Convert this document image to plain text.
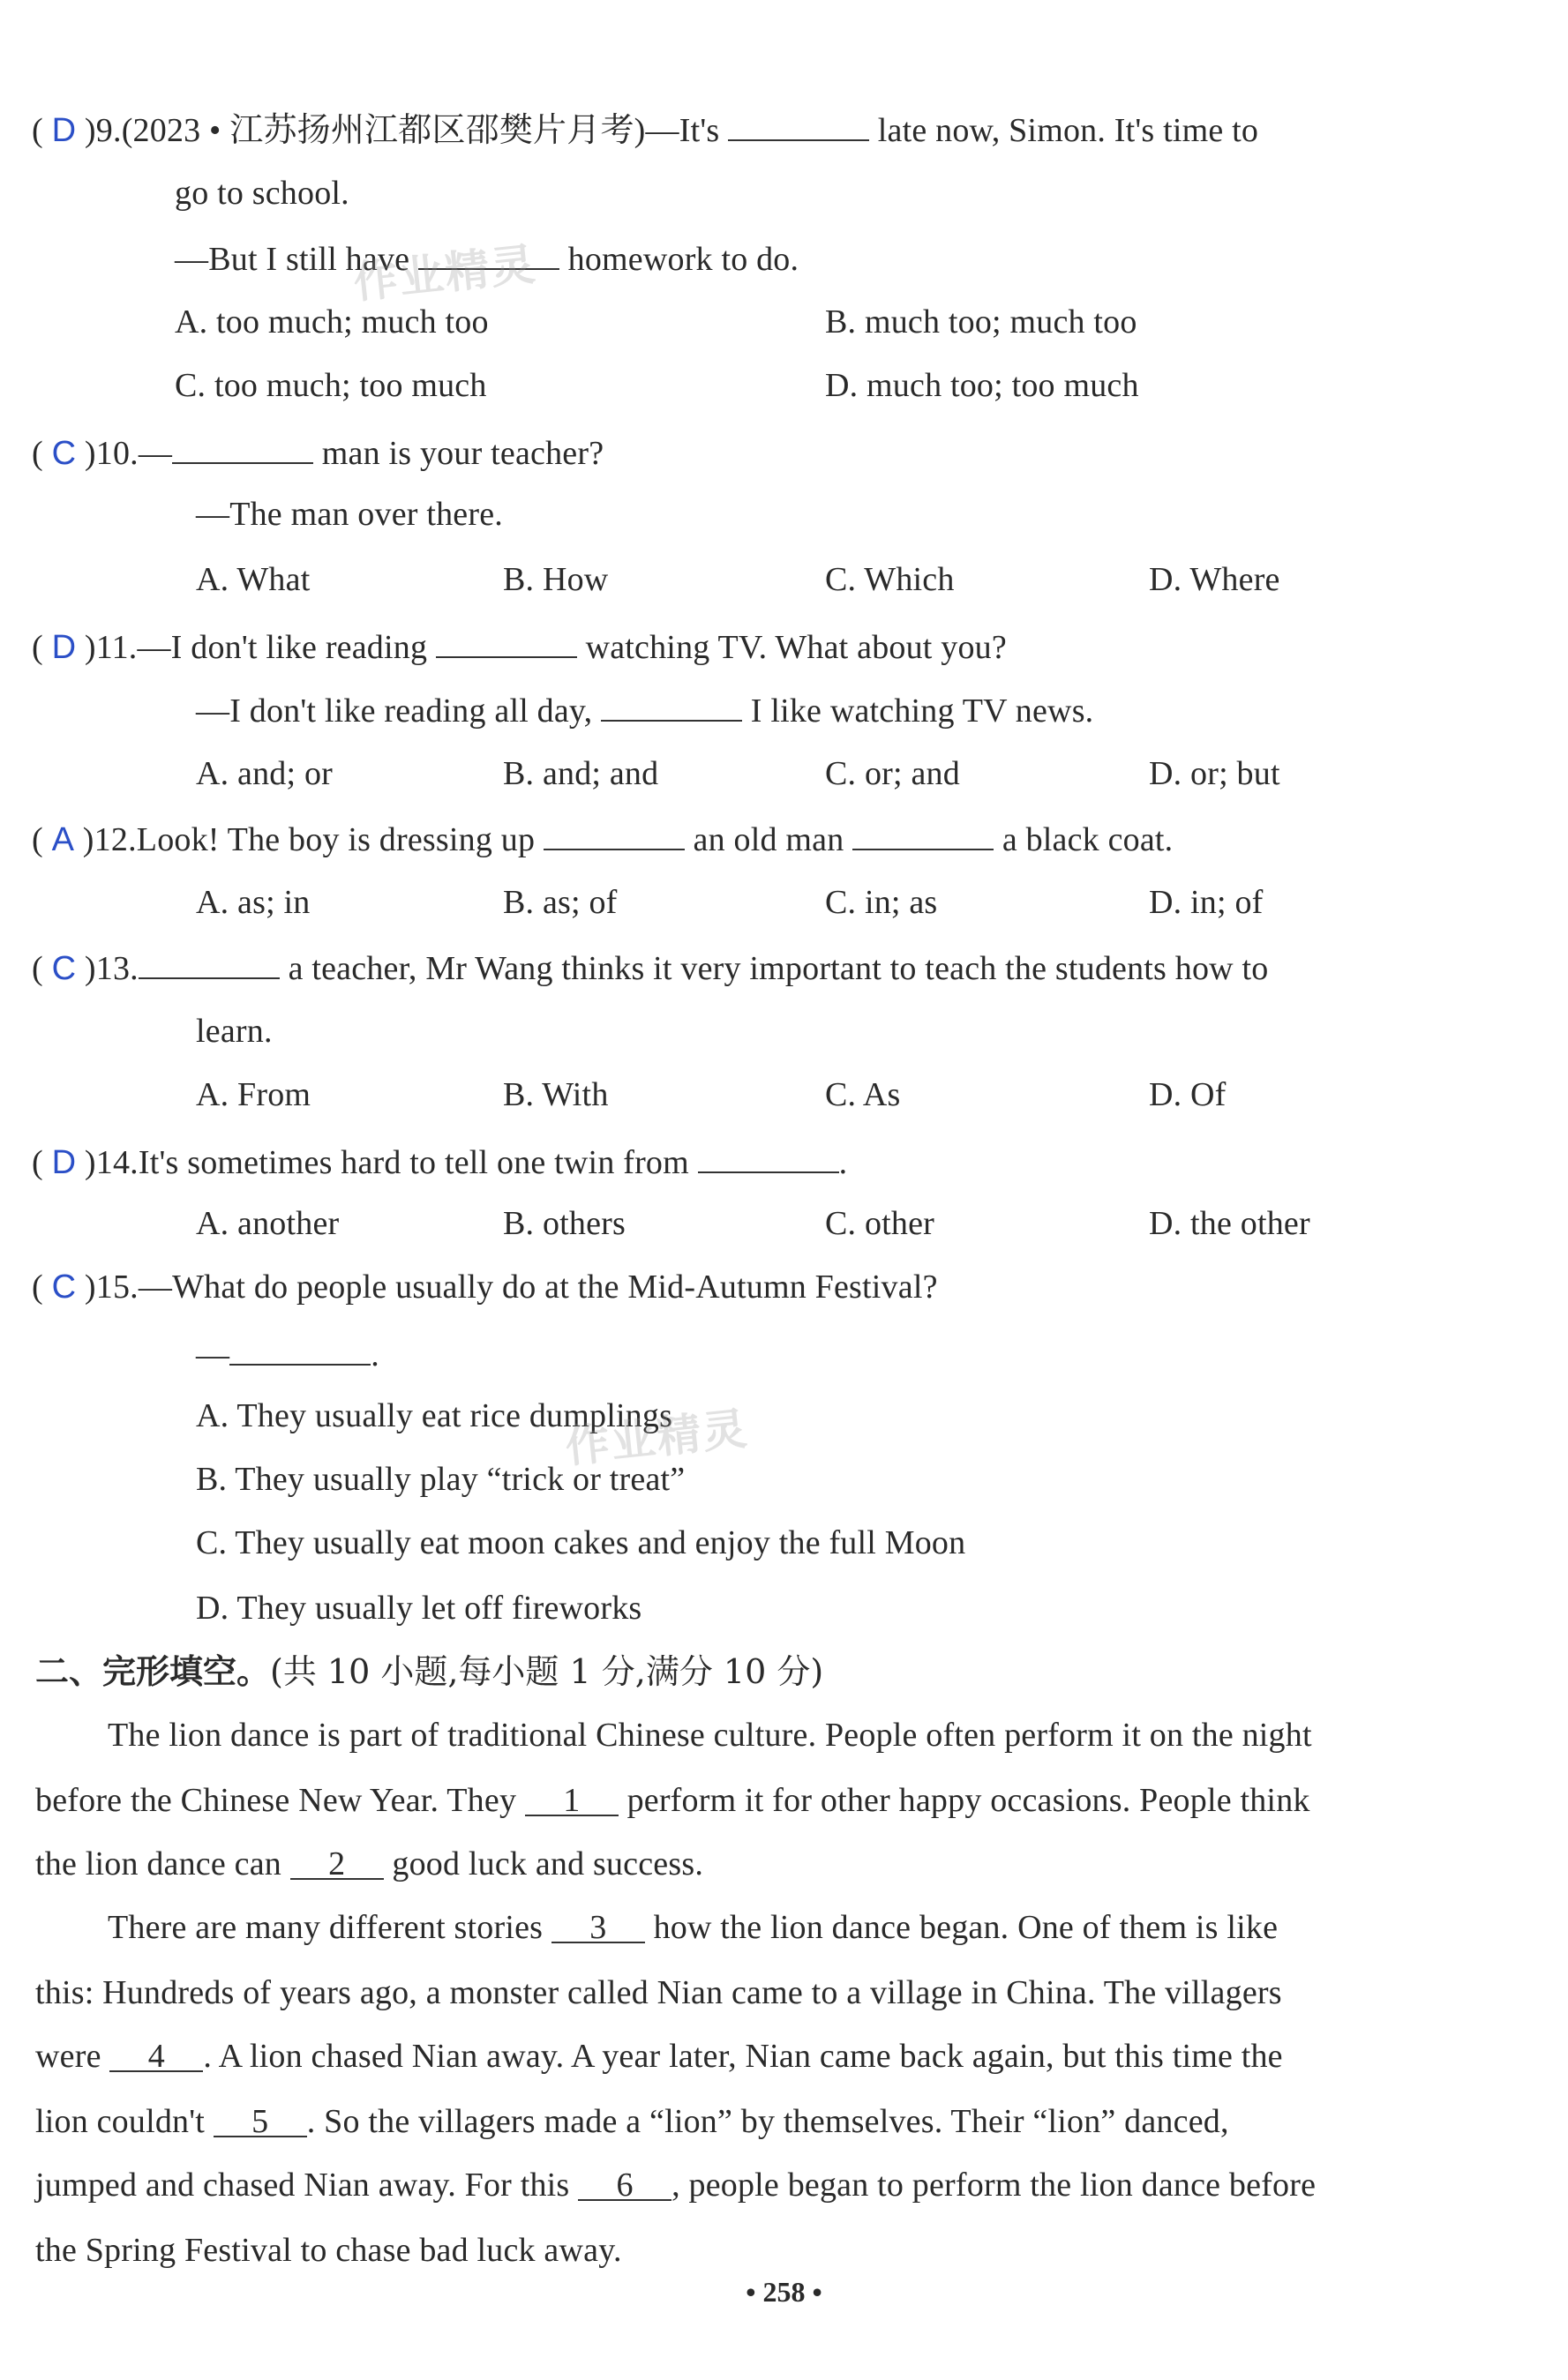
( D )9.(2023 • 江苏扬州江都区邵樊片月考)—It's	late now, Simon. It's time to
go to school.
—But I still have	homework to do.
A. too much; much too	B. much too; much too
C. too much; too much	D. much too; too much
( C )10.—	man is your teacher?
—The man over there.
A. What	B. How	C. Which	D. Where
( D )11.—I don't like reading	watching TV. What about you?
—I don't like reading all day,	I like watching TV news.
A. and; or	B. and; and	C. or; and	D. or; but
( A )12.Look! The boy is dressing up	an old man	a black coat.
A. as; in	B. as; of	C. in; as	D. in; of
( C )13.	a teacher, Mr Wang thinks it very important to teach the students how to
learn.
A. From	B. With	C. As	D. Of
( D )14.It's sometimes hard to tell one twin from	.
A. another	B. others	C. other	D. the other
( C )15.—What do people usually do at the Mid-Autumn Festival?
—	.
A. They usually eat rice dumplings
B. They usually play “trick or treat”
C. They usually eat moon cakes and enjoy the full Moon
D. They usually let off fireworks
二、完形填空。(共 10 小题,每小题 1 分,满分 10 分)
The lion dance is part of traditional Chinese culture. People often perform it on the night
before the Chinese New Year. They 1 perform it for other happy occasions. People think
the lion dance can 2 good luck and success.
There are many different stories 3 how the lion dance began. One of them is like
this: Hundreds of years ago, a monster called Nian came to a village in China. The villagers
were 4 . A lion chased Nian away. A year later, Nian came back again, but this time the
lion couldn't 5 . So the villagers made a “lion” by themselves. Their “lion” danced,
jumped and chased Nian away. For this 6 , people began to perform the lion dance before
the Spring Festival to chase bad luck away.
• 258 •
作业精灵
作业精灵
